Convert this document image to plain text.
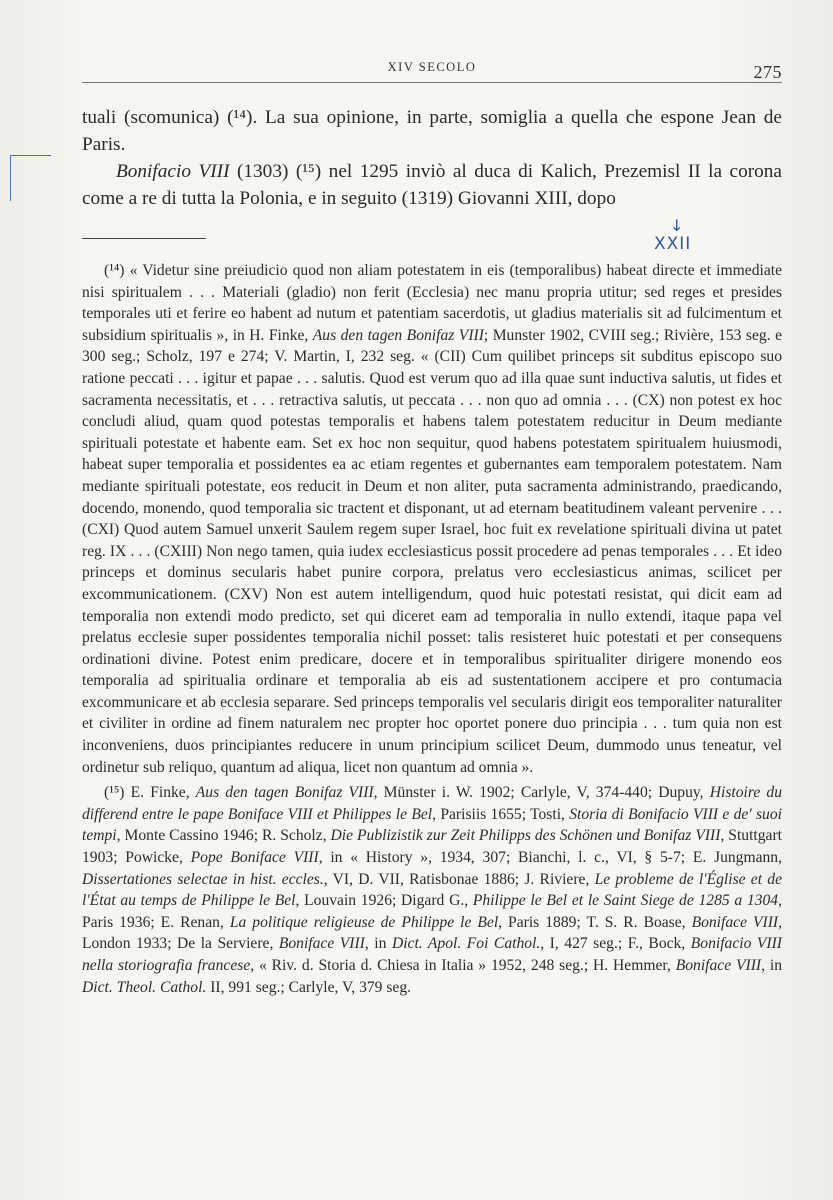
XIV SECOLO	275

tuali (scomunica) (¹⁴). La sua opinione, in parte, somiglia a quella che espone Jean de Paris.

Bonifacio VIII (1303) (¹⁵) nel 1295 inviò al duca di Kalich, Prezemisl II la corona come a re di tutta la Polonia, e in seguito (1319) Giovanni XIII, dopo

↓
XXII

(¹⁴) « Videtur sine preiudicio quod non aliam potestatem in eis (temporalibus) habeat directe et immediate nisi spiritualem . . . Materiali (gladio) non ferit (Ecclesia) nec manu propria utitur; sed reges et presides temporales uti et ferire eo habent ad nutum et patentiam sacerdotis, ut gladius materialis sit ad fulcimentum et subsidium spiritualis », in H. Finke, Aus den tagen Bonifaz VIII; Munster 1902, CVIII seg.; Rivière, 153 seg. e 300 seg.; Scholz, 197 e 274; V. Martin, I, 232 seg. « (CII) Cum quilibet princeps sit subditus episcopo suo ratione peccati . . . igitur et papae . . . salutis. Quod est verum quo ad illa quae sunt inductiva salutis, ut fides et sacramenta necessitatis, et . . . retractiva salutis, ut peccata . . . non quo ad omnia . . . (CX) non potest ex hoc concludi aliud, quam quod potestas temporalis et habens talem potestatem reducitur in Deum mediante spirituali potestate et habente eam. Set ex hoc non sequitur, quod habens potestatem spiritualem huiusmodi, habeat super temporalia et possidentes ea ac etiam regentes et gubernantes eam temporalem potestatem. Nam mediante spirituali potestate, eos reducit in Deum et non aliter, puta sacramenta administrando, praedicando, docendo, monendo, quod temporalia sic tractent et disponant, ut ad eternam beatitudinem valeant pervenire . . . (CXI) Quod autem Samuel unxerit Saulem regem super Israel, hoc fuit ex revelatione spirituali divina ut patet reg. IX . . . (CXIII) Non nego tamen, quia iudex ecclesiasticus possit procedere ad penas temporales . . . Et ideo princeps et dominus secularis habet punire corpora, prelatus vero ecclesiasticus animas, scilicet per excommunicationem. (CXV) Non est autem intelligendum, quod huic potestati resistat, qui dicit eam ad temporalia non extendi modo predicto, set qui diceret eam ad temporalia in nullo extendi, itaque papa vel prelatus ecclesie super possidentes temporalia nichil posset: talis resisteret huic potestati et per consequens ordinationi divine. Potest enim predicare, docere et in temporalibus spiritualiter dirigere monendo eos temporalia ad spiritualia ordinare et temporalia ab eis ad sustentationem accipere et pro contumacia excommunicare et ab ecclesia separare. Sed princeps temporalis vel secularis dirigit eos temporaliter naturaliter et civiliter in ordine ad finem naturalem nec propter hoc oportet ponere duo principia . . . tum quia non est inconveniens, duos principiantes reducere in unum principium scilicet Deum, dummodo unus teneatur, vel ordinetur sub reliquo, quantum ad aliqua, licet non quantum ad omnia ».

(¹⁵) E. Finke, Aus den tagen Bonifaz VIII, Münster i. W. 1902; Carlyle, V, 374-440; Dupuy, Histoire du differend entre le pape Boniface VIII et Philippes le Bel, Parisiis 1655; Tosti, Storia di Bonifacio VIII e de' suoi tempi, Monte Cassino 1946; R. Scholz, Die Publizistik zur Zeit Philipps des Schönen und Bonifaz VIII, Stuttgart 1903; Powicke, Pope Boniface VIII, in « History », 1934, 307; Bianchi, l. c., VI, § 5-7; E. Jungmann, Dissertationes selectae in hist. eccles., VI, D. VII, Ratisbonae 1886; J. Riviere, Le probleme de l'Église et de l'État au temps de Philippe le Bel, Louvain 1926; Digard G., Philippe le Bel et le Saint Siege de 1285 a 1304, Paris 1936; E. Renan, La politique religieuse de Philippe le Bel, Paris 1889; T. S. R. Boase, Boniface VIII, London 1933; De la Serviere, Boniface VIII, in Dict. Apol. Foi Cathol., I, 427 seg.; F., Bock, Bonifacio VIII nella storiografia francese, « Riv. d. Storia d. Chiesa in Italia » 1952, 248 seg.; H. Hemmer, Boniface VIII, in Dict. Theol. Cathol. II, 991 seg.; Carlyle, V, 379 seg.
